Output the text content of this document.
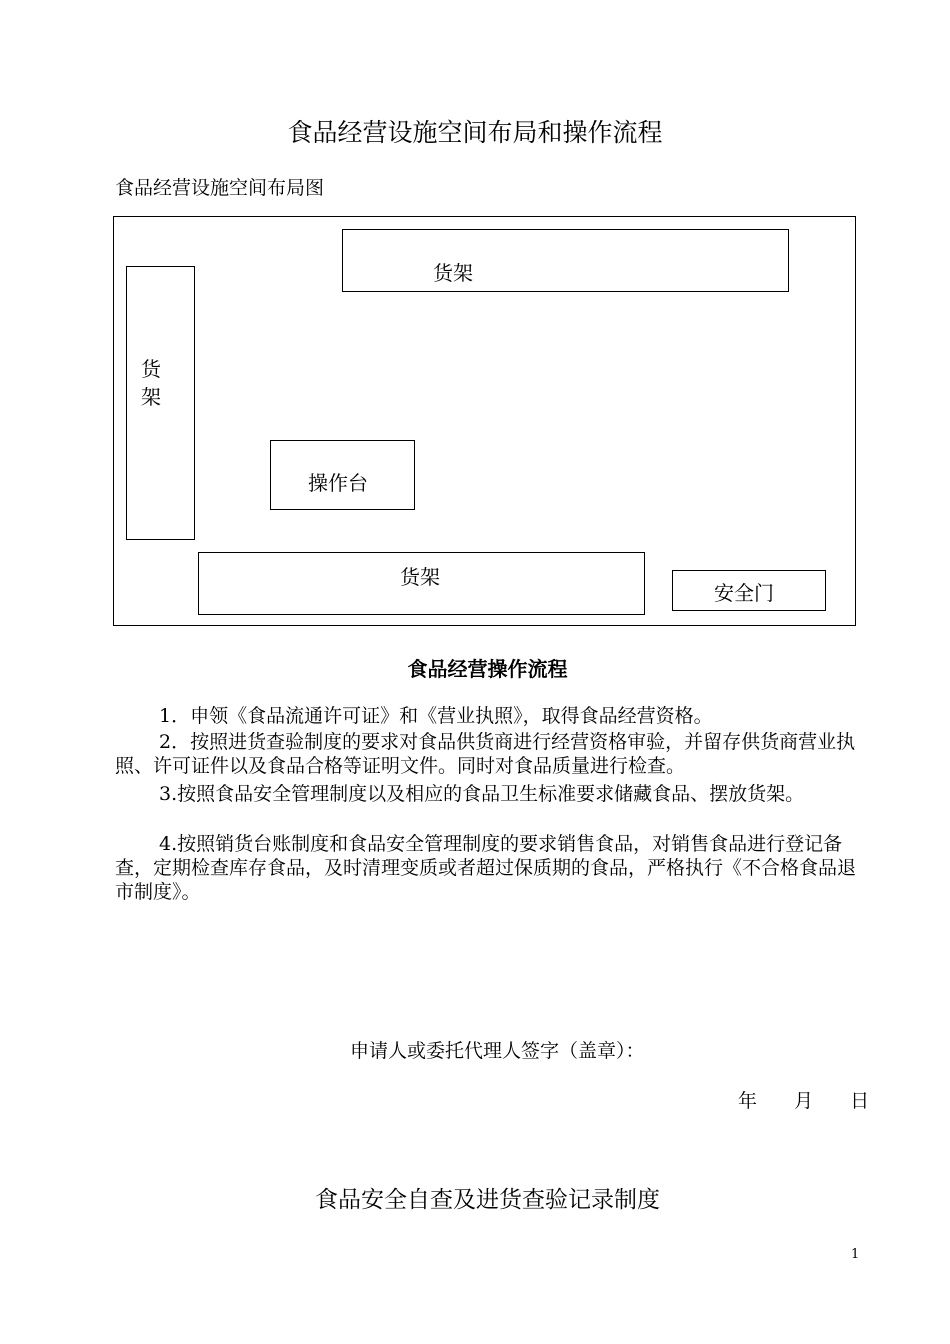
食品经营设施空间布局和操作流程
食品经营设施空间布局图
货架
货架
操作台
货架
安全门
食品经营操作流程
1．申领《食品流通许可证》和《营业执照》，取得食品经营资格。
2．按照进货查验制度的要求对食品供货商进行经营资格审验，并留存供货商营业执照、许可证件以及食品合格等证明文件。同时对食品质量进行检查。
3.按照食品安全管理制度以及相应的食品卫生标准要求储藏食品、摆放货架。
4.按照销货台账制度和食品安全管理制度的要求销售食品，对销售食品进行登记备查，定期检查库存食品，及时清理变质或者超过保质期的食品，严格执行《不合格食品退市制度》。
申请人或委托代理人签字（盖章）：
年 月 日
食品安全自查及进货查验记录制度
1
